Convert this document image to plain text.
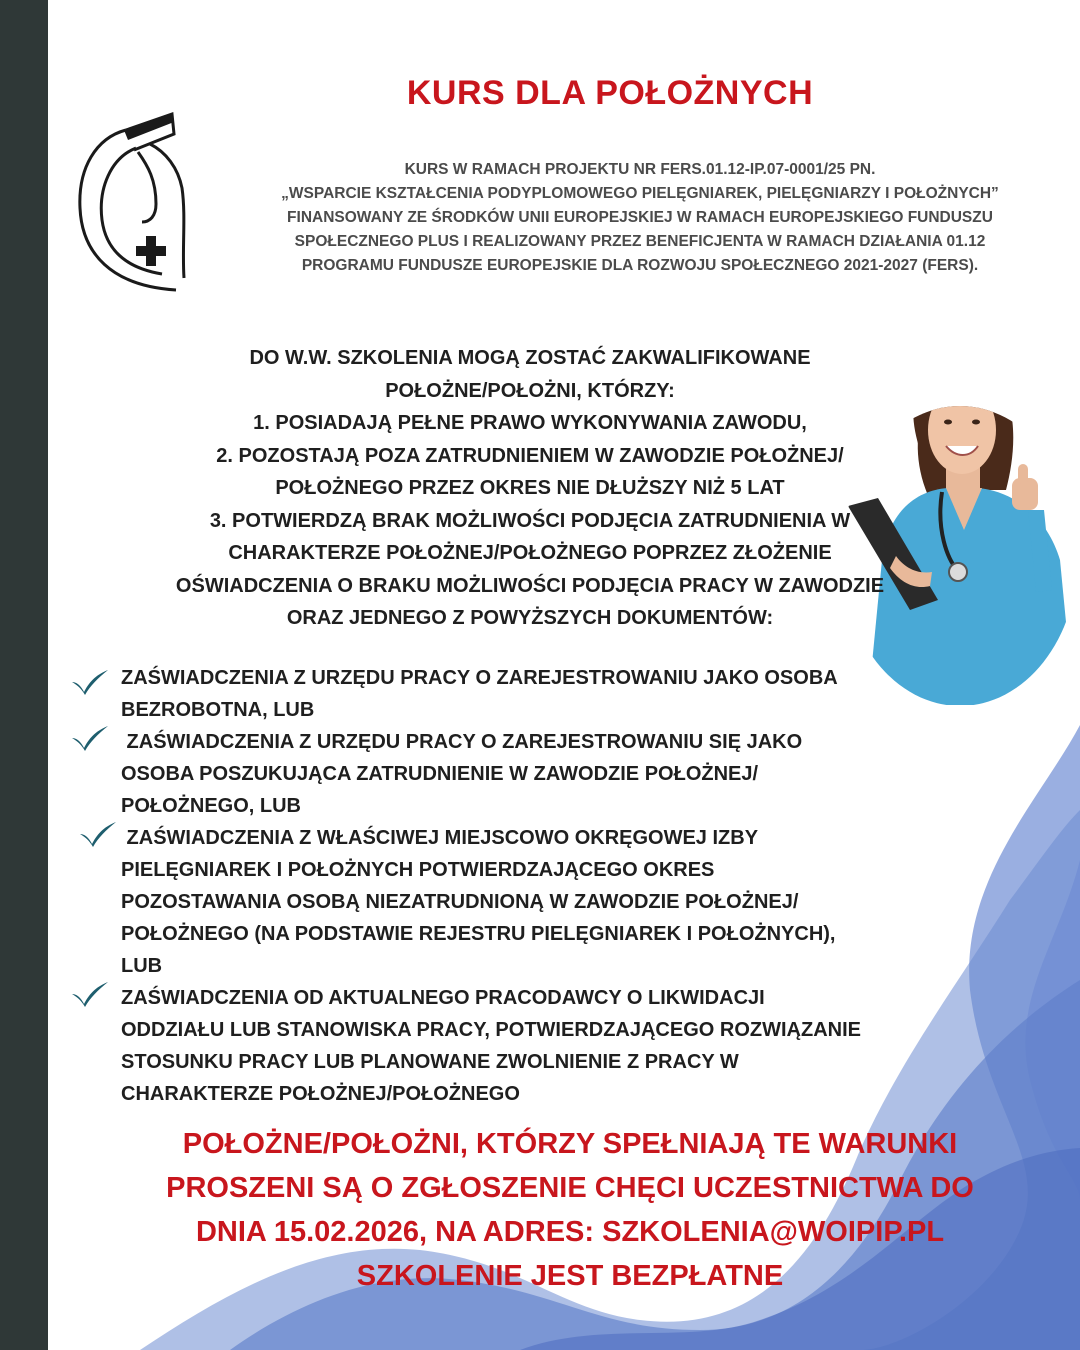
KURS DLA POŁOŻNYCH
KURS W RAMACH PROJEKTU NR FERS.01.12-IP.07-0001/25 PN.
„WSPARCIE KSZTAŁCENIA PODYPLOMOWEGO PIELĘGNIAREK, PIELĘGNIARZY I POŁOŻNYCH”
FINANSOWANY ZE ŚRODKÓW UNII EUROPEJSKIEJ W RAMACH EUROPEJSKIEGO FUNDUSZU
SPOŁECZNEGO PLUS I REALIZOWANY PRZEZ BENEFICJENTA W RAMACH DZIAŁANIA 01.12
PROGRAMU FUNDUSZE EUROPEJSKIE DLA ROZWOJU SPOŁECZNEGO 2021-2027 (FERS).
DO W.W. SZKOLENIA MOGĄ ZOSTAĆ ZAKWALIFIKOWANE
POŁOŻNE/POŁOŻNI, KTÓRZY:
1. POSIADAJĄ PEŁNE PRAWO WYKONYWANIA ZAWODU,
2. POZOSTAJĄ POZA ZATRUDNIENIEM W ZAWODZIE POŁOŻNEJ/
POŁOŻNEGO PRZEZ OKRES NIE DŁUŻSZY NIŻ 5 LAT
3. POTWIERDZĄ BRAK MOŻLIWOŚCI PODJĘCIA ZATRUDNIENIA W
CHARAKTERZE POŁOŻNEJ/POŁOŻNEGO POPRZEZ ZŁOŻENIE
OŚWIADCZENIA O BRAKU MOŻLIWOŚCI PODJĘCIA PRACY W ZAWODZIE
ORAZ JEDNEGO Z POWYŻSZYCH DOKUMENTÓW:
ZAŚWIADCZENIA Z URZĘDU PRACY O ZAREJESTROWANIU JAKO OSOBA
BEZROBOTNA, LUB
ZAŚWIADCZENIA Z URZĘDU PRACY O ZAREJESTROWANIU SIĘ JAKO
OSOBA POSZUKUJĄCA ZATRUDNIENIE W ZAWODZIE POŁOŻNEJ/
POŁOŻNEGO, LUB
ZAŚWIADCZENIA Z WŁAŚCIWEJ MIEJSCOWO OKRĘGOWEJ IZBY
PIELĘGNIAREK I POŁOŻNYCH POTWIERDZAJĄCEGO OKRES
POZOSTAWANIA OSOBĄ NIEZATRUDNIONĄ W ZAWODZIE POŁOŻNEJ/
POŁOŻNEGO (NA PODSTAWIE REJESTRU PIELĘGNIAREK I POŁOŻNYCH),
LUB
ZAŚWIADCZENIA OD AKTUALNEGO PRACODAWCY O LIKWIDACJI
ODDZIAŁU LUB STANOWISKA PRACY, POTWIERDZAJĄCEGO ROZWIĄZANIE
STOSUNKU PRACY LUB PLANOWANE ZWOLNIENIE Z PRACY W
CHARAKTERZE POŁOŻNEJ/POŁOŻNEGO
POŁOŻNE/POŁOŻNI, KTÓRZY SPEŁNIAJĄ TE WARUNKI
PROSZENI SĄ O ZGŁOSZENIE CHĘCI UCZESTNICTWA DO
DNIA 15.02.2026, NA ADRES: SZKOLENIA@WOIPIP.PL
SZKOLENIE JEST BEZPŁATNE
